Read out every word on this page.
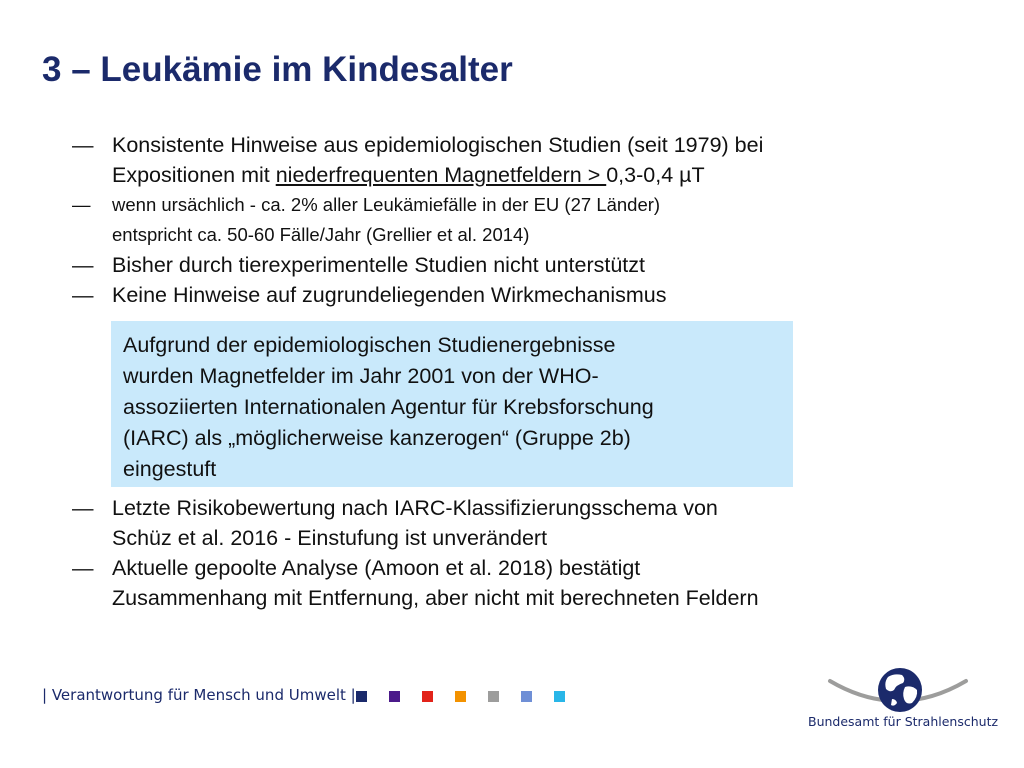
3 – Leukämie im Kindesalter
— Konsistente Hinweise aus epidemiologischen Studien (seit 1979) bei
Expositionen mit niederfrequenten Magnetfeldern > 0,3-0,4 µT
— wenn ursächlich - ca. 2% aller Leukämiefälle in der EU (27 Länder)
entspricht ca. 50-60 Fälle/Jahr (Grellier et al. 2014)
— Bisher durch tierexperimentelle Studien nicht unterstützt
— Keine Hinweise auf zugrundeliegenden Wirkmechanismus
Aufgrund der epidemiologischen Studienergebnisse
wurden Magnetfelder im Jahr 2001 von der WHO-
assoziierten Internationalen Agentur für Krebsforschung
(IARC) als „möglicherweise kanzerogen“ (Gruppe 2b)
eingestuft
— Letzte Risikobewertung nach IARC-Klassifizierungsschema von
Schüz et al. 2016 - Einstufung ist unverändert
— Aktuelle gepoolte Analyse (Amoon et al. 2018) bestätigt
Zusammenhang mit Entfernung, aber nicht mit berechneten Feldern
| Verantwortung für Mensch und Umwelt |
Bundesamt für Strahlenschutz
